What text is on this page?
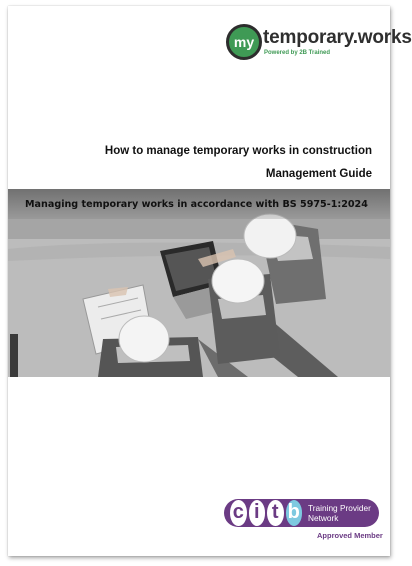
my temporary.works
Powered by 2B Trained
How to manage temporary works in construction
Management Guide
Managing temporary works in accordance with BS 5975-1:2024
c i t b Training Provider
Network
Approved Member
